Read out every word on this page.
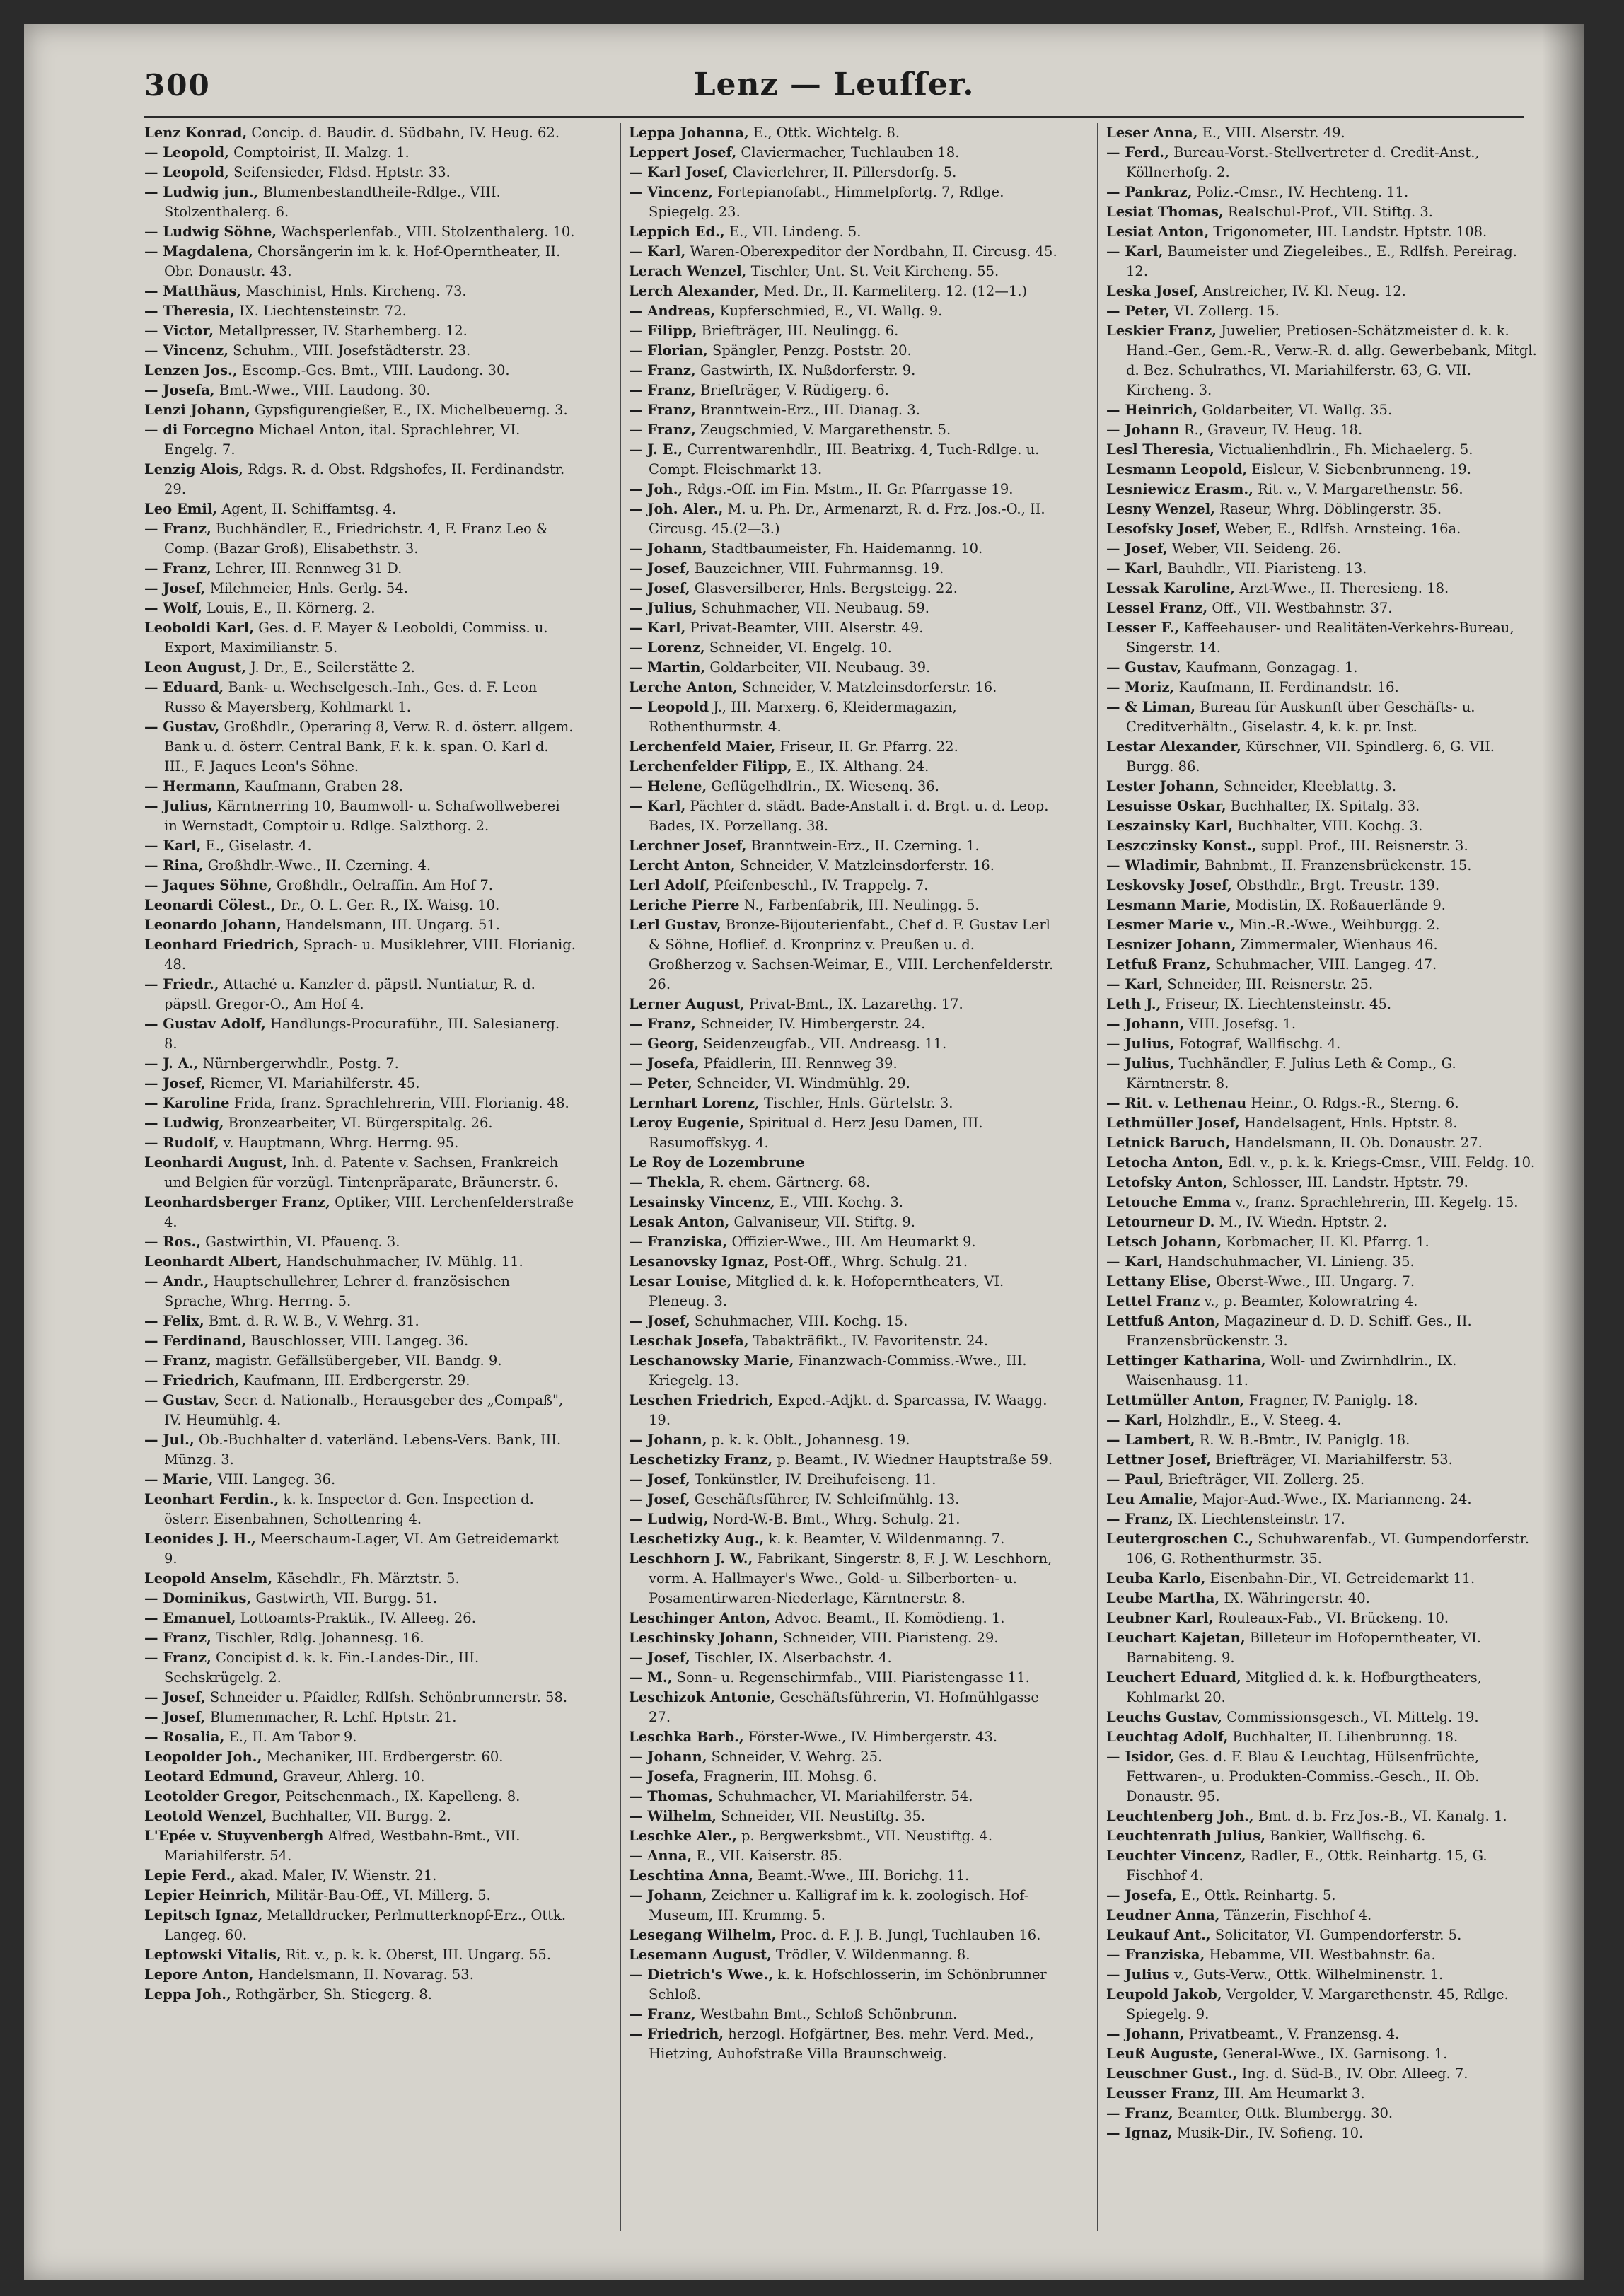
300	Lenz — Leuſſer.

Lenz Konrad, Concip. d. Baudir. d. Südbahn, IV. Heug. 62.

— Leopold, Comptoirist, II. Malzg. 1.

— Leopold, Seifensieder, Fldsd. Hptstr. 33.

— Ludwig jun., Blumenbestandtheile-Rdlge., VIII. Stolzenthalerg. 6.

— Ludwig Söhne, Wachsperlenfab., VIII. Stolzenthalerg. 10.

— Magdalena, Chorsängerin im k. k. Hof-Operntheater, II. Obr. Donaustr. 43.

— Matthäus, Maschinist, Hnls. Kircheng. 73.

— Theresia, IX. Liechtensteinstr. 72.

— Victor, Metallpresser, IV. Starhemberg. 12.

— Vincenz, Schuhm., VIII. Josefstädterstr. 23.

Lenzen Jos., Escomp.-Ges. Bmt., VIII. Laudong. 30.

— Josefa, Bmt.-Wwe., VIII. Laudong. 30.

Lenzi Johann, Gypsfigurengießer, E., IX. Michelbeuerng. 3.

— di Forcegno Michael Anton, ital. Sprachlehrer, VI. Engelg. 7.

Lenzig Alois, Rdgs. R. d. Obst. Rdgshofes, II. Ferdinandstr. 29.

Leo Emil, Agent, II. Schiffamtsg. 4.

— Franz, Buchhändler, E., Friedrichstr. 4, F. Franz Leo & Comp. (Bazar Groß), Elisabethstr. 3.

— Franz, Lehrer, III. Rennweg 31 D.

— Josef, Milchmeier, Hnls. Gerlg. 54.

— Wolf, Louis, E., II. Körnerg. 2.

Leoboldi Karl, Ges. d. F. Mayer & Leoboldi, Commiss. u. Export, Maximilianstr. 5.

Leon August, J. Dr., E., Seilerstätte 2.

— Eduard, Bank- u. Wechselgesch.-Inh., Ges. d. F. Leon Russo & Mayersberg, Kohlmarkt 1.

— Gustav, Großhdlr., Operaring 8, Verw. R. d. österr. allgem. Bank u. d. österr. Central Bank, F. k. k. span. O. Karl d. III., F. Jaques Leon's Söhne.

— Hermann, Kaufmann, Graben 28.

— Julius, Kärntnerring 10, Baumwoll- u. Schafwollweberei in Wernstadt, Comptoir u. Rdlge. Salzthorg. 2.

— Karl, E., Giselastr. 4.

— Rina, Großhdlr.-Wwe., II. Czerning. 4.

— Jaques Söhne, Großhdlr., Oelraffin. Am Hof 7.

Leonardi Cölest., Dr., O. L. Ger. R., IX. Waisg. 10.

Leonardo Johann, Handelsmann, III. Ungarg. 51.

Leonhard Friedrich, Sprach- u. Musiklehrer, VIII. Florianig. 48.

— Friedr., Attaché u. Kanzler d. päpstl. Nuntiatur, R. d. päpstl. Gregor-O., Am Hof 4.

— Gustav Adolf, Handlungs-Procuraführ., III. Salesianerg. 8.

— J. A., Nürnbergerwhdlr., Postg. 7.

— Josef, Riemer, VI. Mariahilferstr. 45.

— Karoline Frida, franz. Sprachlehrerin, VIII. Florianig. 48.

— Ludwig, Bronzearbeiter, VI. Bürgerspitalg. 26.

— Rudolf, v. Hauptmann, Whrg. Herrng. 95.

Leonhardi August, Inh. d. Patente v. Sachsen, Frankreich und Belgien für vorzügl. Tintenpräparate, Bräunerstr. 6.

Leonhardsberger Franz, Optiker, VIII. Lerchenfelderstraße 4.

— Ros., Gastwirthin, VI. Pfauenq. 3.

Leonhardt Albert, Handschuhmacher, IV. Mühlg. 11.

— Andr., Hauptschullehrer, Lehrer d. französischen Sprache, Whrg. Herrng. 5.

— Felix, Bmt. d. R. W. B., V. Wehrg. 31.

— Ferdinand, Bauschlosser, VIII. Langeg. 36.

— Franz, magistr. Gefällsübergeber, VII. Bandg. 9.

— Friedrich, Kaufmann, III. Erdbergerstr. 29.

— Gustav, Secr. d. Nationalb., Herausgeber des „Compaß", IV. Heumühlg. 4.

— Jul., Ob.-Buchhalter d. vaterländ. Lebens-Vers. Bank, III. Münzg. 3.

— Marie, VIII. Langeg. 36.

Leonhart Ferdin., k. k. Inspector d. Gen. Inspection d. österr. Eisenbahnen, Schottenring 4.

Leonides J. H., Meerschaum-Lager, VI. Am Getreidemarkt 9.

Leopold Anselm, Käsehdlr., Fh. Märztstr. 5.

— Dominikus, Gastwirth, VII. Burgg. 51.

— Emanuel, Lottoamts-Praktik., IV. Alleeg. 26.

— Franz, Tischler, Rdlg. Johannesg. 16.

— Franz, Concipist d. k. k. Fin.-Landes-Dir., III. Sechskrügelg. 2.

— Josef, Schneider u. Pfaidler, Rdlfsh. Schönbrunnerstr. 58.

— Josef, Blumenmacher, R. Lchf. Hptstr. 21.

— Rosalia, E., II. Am Tabor 9.

Leopolder Joh., Mechaniker, III. Erdbergerstr. 60.

Leotard Edmund, Graveur, Ahlerg. 10.

Leotolder Gregor, Peitschenmach., IX. Kapelleng. 8.

Leotold Wenzel, Buchhalter, VII. Burgg. 2.

L'Epée v. Stuyvenbergh Alfred, Westbahn-Bmt., VII. Mariahilferstr. 54.

Lepie Ferd., akad. Maler, IV. Wienstr. 21.

Lepier Heinrich, Militär-Bau-Off., VI. Millerg. 5.

Lepitsch Ignaz, Metalldrucker, Perlmutterknopf-Erz., Ottk. Langeg. 60.

Leptowski Vitalis, Rit. v., p. k. k. Oberst, III. Ungarg. 55.

Lepore Anton, Handelsmann, II. Novarag. 53.

Leppa Joh., Rothgärber, Sh. Stiegerg. 8.

Leppa Johanna, E., Ottk. Wichtelg. 8.

Leppert Josef, Claviermacher, Tuchlauben 18.

— Karl Josef, Clavierlehrer, II. Pillersdorfg. 5.

— Vincenz, Fortepianofabt., Himmelpfortg. 7, Rdlge. Spiegelg. 23.

Leppich Ed., E., VII. Lindeng. 5.

— Karl, Waren-Oberexpeditor der Nordbahn, II. Circusg. 45.

Lerach Wenzel, Tischler, Unt. St. Veit Kircheng. 55.

Lerch Alexander, Med. Dr., II. Karmeliterg. 12. (12—1.)

— Andreas, Kupferschmied, E., VI. Wallg. 9.

— Filipp, Briefträger, III. Neulingg. 6.

— Florian, Spängler, Penzg. Poststr. 20.

— Franz, Gastwirth, IX. Nußdorferstr. 9.

— Franz, Briefträger, V. Rüdigerg. 6.

— Franz, Branntwein-Erz., III. Dianag. 3.

— Franz, Zeugschmied, V. Margarethenstr. 5.

— J. E., Currentwarenhdlr., III. Beatrixg. 4, Tuch-Rdlge. u. Compt. Fleischmarkt 13.

— Joh., Rdgs.-Off. im Fin. Mstm., II. Gr. Pfarrgasse 19.

— Joh. Aler., M. u. Ph. Dr., Armenarzt, R. d. Frz. Jos.-O., II. Circusg. 45.(2—3.)

— Johann, Stadtbaumeister, Fh. Haidemanng. 10.

— Josef, Bauzeichner, VIII. Fuhrmannsg. 19.

— Josef, Glasversilberer, Hnls. Bergsteigg. 22.

— Julius, Schuhmacher, VII. Neubaug. 59.

— Karl, Privat-Beamter, VIII. Alserstr. 49.

— Lorenz, Schneider, VI. Engelg. 10.

— Martin, Goldarbeiter, VII. Neubaug. 39.

Lerche Anton, Schneider, V. Matzleinsdorferstr. 16.

— Leopold J., III. Marxerg. 6, Kleidermagazin, Rothenthurmstr. 4.

Lerchenfeld Maier, Friseur, II. Gr. Pfarrg. 22.

Lerchenfelder Filipp, E., IX. Althang. 24.

— Helene, Geflügelhdlrin., IX. Wiesenq. 36.

— Karl, Pächter d. städt. Bade-Anstalt i. d. Brgt. u. d. Leop. Bades, IX. Porzellang. 38.

Lerchner Josef, Branntwein-Erz., II. Czerning. 1.

Lercht Anton, Schneider, V. Matzleinsdorferstr. 16.

Lerl Adolf, Pfeifenbeschl., IV. Trappelg. 7.

Leriche Pierre N., Farbenfabrik, III. Neulingg. 5.

Lerl Gustav, Bronze-Bijouterienfabt., Chef d. F. Gustav Lerl & Söhne, Hoflief. d. Kronprinz v. Preußen u. d. Großherzog v. Sachsen-Weimar, E., VIII. Lerchenfelderstr. 26.

Lerner August, Privat-Bmt., IX. Lazarethg. 17.

— Franz, Schneider, IV. Himbergerstr. 24.

— Georg, Seidenzeugfab., VII. Andreasg. 11.

— Josefa, Pfaidlerin, III. Rennweg 39.

— Peter, Schneider, VI. Windmühlg. 29.

Lernhart Lorenz, Tischler, Hnls. Gürtelstr. 3.

Leroy Eugenie, Spiritual d. Herz Jesu Damen, III. Rasumoffskyg. 4.

Le Roy de Lozembrune

— Thekla, R. ehem. Gärtnerg. 68.

Lesainsky Vincenz, E., VIII. Kochg. 3.

Lesak Anton, Galvaniseur, VII. Stiftg. 9.

— Franziska, Offizier-Wwe., III. Am Heumarkt 9.

Lesanovsky Ignaz, Post-Off., Whrg. Schulg. 21.

Lesar Louise, Mitglied d. k. k. Hofoperntheaters, VI. Pleneug. 3.

— Josef, Schuhmacher, VIII. Kochg. 15.

Leschak Josefa, Tabakträfikt., IV. Favoritenstr. 24.

Leschanowsky Marie, Finanzwach-Commiss.-Wwe., III. Kriegelg. 13.

Leschen Friedrich, Exped.-Adjkt. d. Sparcassa, IV. Waagg. 19.

— Johann, p. k. k. Oblt., Johannesg. 19.

Leschetizky Franz, p. Beamt., IV. Wiedner Hauptstraße 59.

— Josef, Tonkünstler, IV. Dreihufeiseng. 11.

— Josef, Geschäftsführer, IV. Schleifmühlg. 13.

— Ludwig, Nord-W.-B. Bmt., Whrg. Schulg. 21.

Leschetizky Aug., k. k. Beamter, V. Wildenmanng. 7.

Leschhorn J. W., Fabrikant, Singerstr. 8, F. J. W. Leschhorn, vorm. A. Hallmayer's Wwe., Gold- u. Silberborten- u. Posamentirwaren-Niederlage, Kärntnerstr. 8.

Leschinger Anton, Advoc. Beamt., II. Komödieng. 1.

Leschinsky Johann, Schneider, VIII. Piaristeng. 29.

— Josef, Tischler, IX. Alserbachstr. 4.

— M., Sonn- u. Regenschirmfab., VIII. Piaristengasse 11.

Leschizok Antonie, Geschäftsführerin, VI. Hofmühlgasse 27.

Leschka Barb., Förster-Wwe., IV. Himbergerstr. 43.

— Johann, Schneider, V. Wehrg. 25.

— Josefa, Fragnerin, III. Mohsg. 6.

— Thomas, Schuhmacher, VI. Mariahilferstr. 54.

— Wilhelm, Schneider, VII. Neustiftg. 35.

Leschke Aler., p. Bergwerksbmt., VII. Neustiftg. 4.

— Anna, E., VII. Kaiserstr. 85.

Leschtina Anna, Beamt.-Wwe., III. Borichg. 11.

— Johann, Zeichner u. Kalligraf im k. k. zoologisch. Hof-Museum, III. Krummg. 5.

Lesegang Wilhelm, Proc. d. F. J. B. Jungl, Tuchlauben 16.

Lesemann August, Trödler, V. Wildenmanng. 8.

— Dietrich's Wwe., k. k. Hofschlosserin, im Schönbrunner Schloß.

— Franz, Westbahn Bmt., Schloß Schönbrunn.

— Friedrich, herzogl. Hofgärtner, Bes. mehr. Verd. Med., Hietzing, Auhofstraße Villa Braunschweig.

Leser Anna, E., VIII. Alserstr. 49.

— Ferd., Bureau-Vorst.-Stellvertreter d. Credit-Anst., Köllnerhofg. 2.

— Pankraz, Poliz.-Cmsr., IV. Hechteng. 11.

Lesiat Thomas, Realschul-Prof., VII. Stiftg. 3.

Lesiat Anton, Trigonometer, III. Landstr. Hptstr. 108.

— Karl, Baumeister und Ziegeleibes., E., Rdlfsh. Pereirag. 12.

Leska Josef, Anstreicher, IV. Kl. Neug. 12.

— Peter, VI. Zollerg. 15.

Leskier Franz, Juwelier, Pretiosen-Schätzmeister d. k. k. Hand.-Ger., Gem.-R., Verw.-R. d. allg. Gewerbebank, Mitgl. d. Bez. Schulrathes, VI. Mariahilferstr. 63, G. VII. Kircheng. 3.

— Heinrich, Goldarbeiter, VI. Wallg. 35.

— Johann R., Graveur, IV. Heug. 18.

Lesl Theresia, Victualienhdlrin., Fh. Michaelerg. 5.

Lesmann Leopold, Eisleur, V. Siebenbrunneng. 19.

Lesniewicz Erasm., Rit. v., V. Margarethenstr. 56.

Lesny Wenzel, Raseur, Whrg. Döblingerstr. 35.

Lesofsky Josef, Weber, E., Rdlfsh. Arnsteing. 16a.

— Josef, Weber, VII. Seideng. 26.

— Karl, Bauhdlr., VII. Piaristeng. 13.

Lessak Karoline, Arzt-Wwe., II. Theresieng. 18.

Lessel Franz, Off., VII. Westbahnstr. 37.

Lesser F., Kaffeehauser- und Realitäten-Verkehrs-Bureau, Singerstr. 14.

— Gustav, Kaufmann, Gonzagag. 1.

— Moriz, Kaufmann, II. Ferdinandstr. 16.

— & Liman, Bureau für Auskunft über Geschäfts- u. Creditverhältn., Giselastr. 4, k. k. pr. Inst.

Lestar Alexander, Kürschner, VII. Spindlerg. 6, G. VII. Burgg. 86.

Lester Johann, Schneider, Kleeblattg. 3.

Lesuisse Oskar, Buchhalter, IX. Spitalg. 33.

Leszainsky Karl, Buchhalter, VIII. Kochg. 3.

Leszczinsky Konst., suppl. Prof., III. Reisnerstr. 3.

— Wladimir, Bahnbmt., II. Franzensbrückenstr. 15.

Leskovsky Josef, Obsthdlr., Brgt. Treustr. 139.

Lesmann Marie, Modistin, IX. Roßauerlände 9.

Lesmer Marie v., Min.-R.-Wwe., Weihburgg. 2.

Lesnizer Johann, Zimmermaler, Wienhaus 46.

Letfuß Franz, Schuhmacher, VIII. Langeg. 47.

— Karl, Schneider, III. Reisnerstr. 25.

Leth J., Friseur, IX. Liechtensteinstr. 45.

— Johann, VIII. Josefsg. 1.

— Julius, Fotograf, Wallfischg. 4.

— Julius, Tuchhändler, F. Julius Leth & Comp., G. Kärntnerstr. 8.

— Rit. v. Lethenau Heinr., O. Rdgs.-R., Sterng. 6.

Lethmüller Josef, Handelsagent, Hnls. Hptstr. 8.

Letnick Baruch, Handelsmann, II. Ob. Donaustr. 27.

Letocha Anton, Edl. v., p. k. k. Kriegs-Cmsr., VIII. Feldg. 10.

Letofsky Anton, Schlosser, III. Landstr. Hptstr. 79.

Letouche Emma v., franz. Sprachlehrerin, III. Kegelg. 15.

Letourneur D. M., IV. Wiedn. Hptstr. 2.

Letsch Johann, Korbmacher, II. Kl. Pfarrg. 1.

— Karl, Handschuhmacher, VI. Linieng. 35.

Lettany Elise, Oberst-Wwe., III. Ungarg. 7.

Lettel Franz v., p. Beamter, Kolowratring 4.

Lettfuß Anton, Magazineur d. D. D. Schiff. Ges., II. Franzensbrückenstr. 3.

Lettinger Katharina, Woll- und Zwirnhdlrin., IX. Waisenhausg. 11.

Lettmüller Anton, Fragner, IV. Paniglg. 18.

— Karl, Holzhdlr., E., V. Steeg. 4.

— Lambert, R. W. B.-Bmtr., IV. Paniglg. 18.

Lettner Josef, Briefträger, VI. Mariahilferstr. 53.

— Paul, Briefträger, VII. Zollerg. 25.

Leu Amalie, Major-Aud.-Wwe., IX. Marianneng. 24.

— Franz, IX. Liechtensteinstr. 17.

Leutergroschen C., Schuhwarenfab., VI. Gumpendorferstr. 106, G. Rothenthurmstr. 35.

Leuba Karlo, Eisenbahn-Dir., VI. Getreidemarkt 11.

Leube Martha, IX. Währingerstr. 40.

Leubner Karl, Rouleaux-Fab., VI. Brückeng. 10.

Leuchart Kajetan, Billeteur im Hofoperntheater, VI. Barnabiteng. 9.

Leuchert Eduard, Mitglied d. k. k. Hofburgtheaters, Kohlmarkt 20.

Leuchs Gustav, Commissionsgesch., VI. Mittelg. 19.

Leuchtag Adolf, Buchhalter, II. Lilienbrunng. 18.

— Isidor, Ges. d. F. Blau & Leuchtag, Hülsenfrüchte, Fettwaren-, u. Produkten-Commiss.-Gesch., II. Ob. Donaustr. 95.

Leuchtenberg Joh., Bmt. d. b. Frz Jos.-B., VI. Kanalg. 1.

Leuchtenrath Julius, Bankier, Wallfischg. 6.

Leuchter Vincenz, Radler, E., Ottk. Reinhartg. 15, G. Fischhof 4.

— Josefa, E., Ottk. Reinhartg. 5.

Leudner Anna, Tänzerin, Fischhof 4.

Leukauf Ant., Solicitator, VI. Gumpendorferstr. 5.

— Franziska, Hebamme, VII. Westbahnstr. 6a.

— Julius v., Guts-Verw., Ottk. Wilhelminenstr. 1.

Leupold Jakob, Vergolder, V. Margarethenstr. 45, Rdlge. Spiegelg. 9.

— Johann, Privatbeamt., V. Franzensg. 4.

Leuß Auguste, General-Wwe., IX. Garnisong. 1.

Leuschner Gust., Ing. d. Süd-B., IV. Obr. Alleeg. 7.

Leusser Franz, III. Am Heumarkt 3.

— Franz, Beamter, Ottk. Blumbergg. 30.

— Ignaz, Musik-Dir., IV. Sofieng. 10.
